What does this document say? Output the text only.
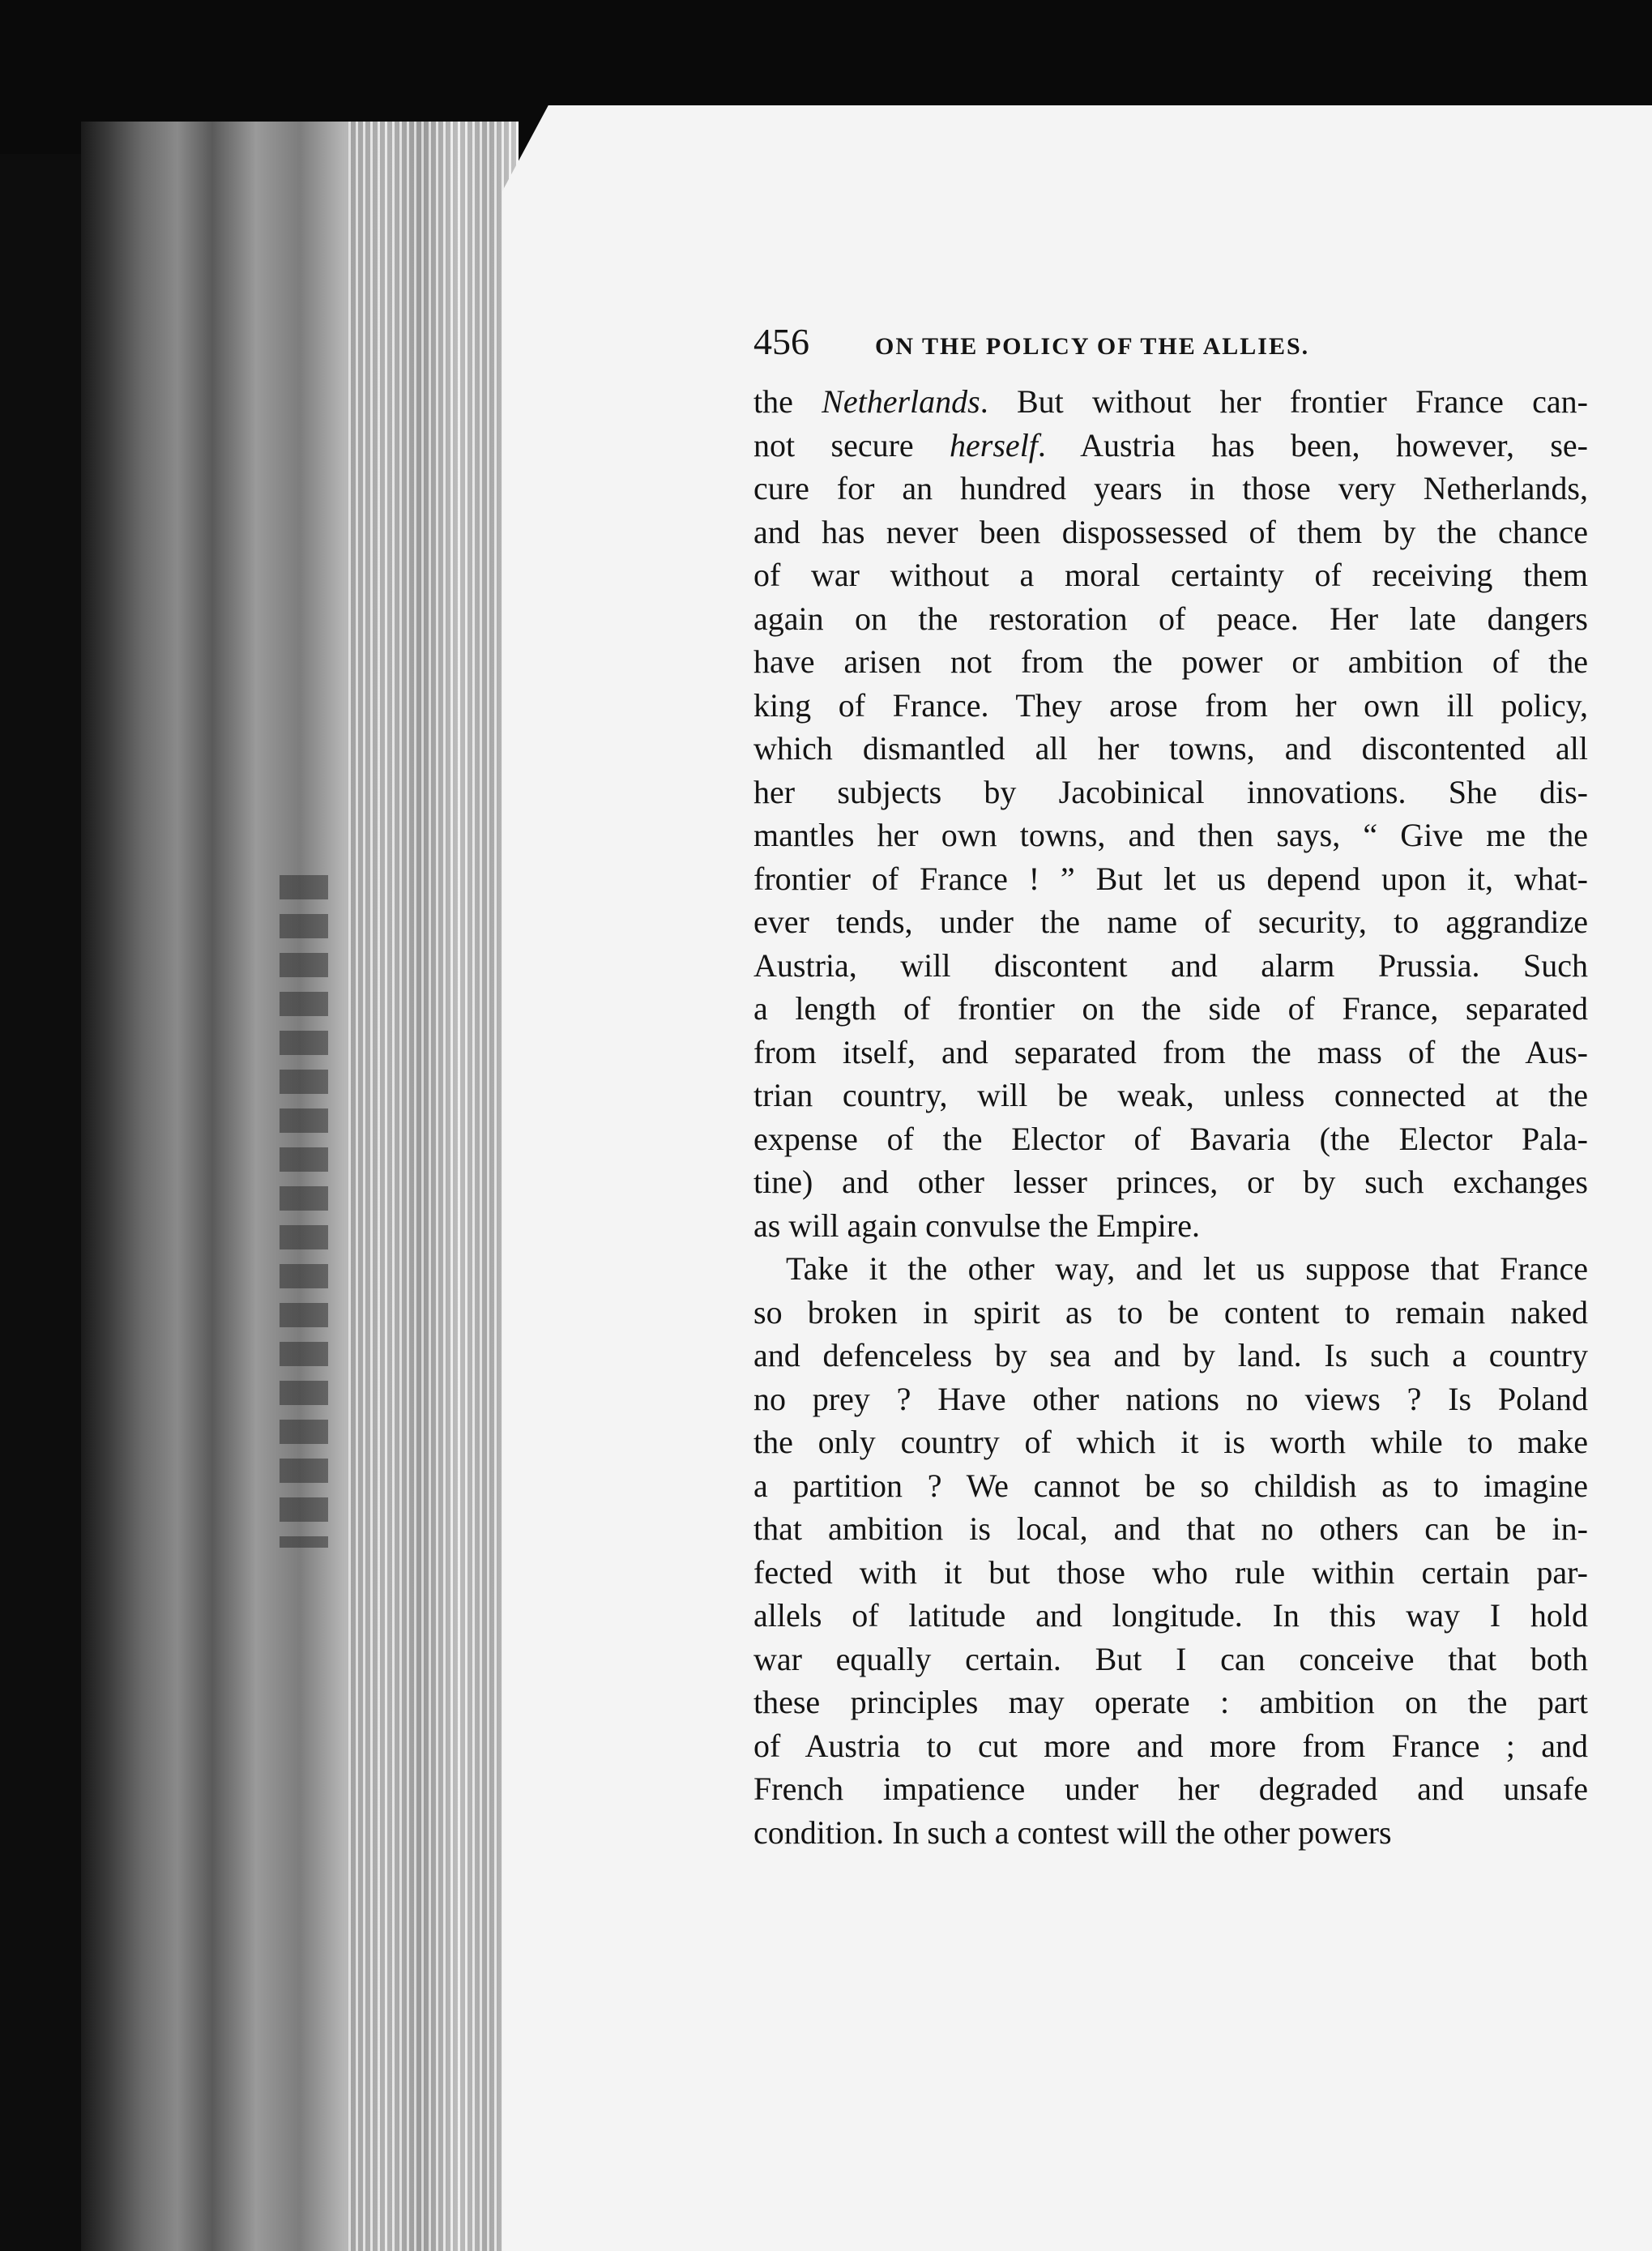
456	ON THE POLICY OF THE ALLIES.
the Netherlands. But without her frontier France can-
not secure herself. Austria has been, however, se-
cure for an hundred years in those very Netherlands,
and has never been dispossessed of them by the chance
of war without a moral certainty of receiving them
again on the restoration of peace. Her late dangers
have arisen not from the power or ambition of the
king of France. They arose from her own ill policy,
which dismantled all her towns, and discontented all
her subjects by Jacobinical innovations. She dis-
mantles her own towns, and then says, “ Give me the
frontier of France ! ” But let us depend upon it, what-
ever tends, under the name of security, to aggrandize
Austria, will discontent and alarm Prussia. Such
a length of frontier on the side of France, separated
from itself, and separated from the mass of the Aus-
trian country, will be weak, unless connected at the
expense of the Elector of Bavaria (the Elector Pala-
tine) and other lesser princes, or by such exchanges
as will again convulse the Empire.
Take it the other way, and let us suppose that France
so broken in spirit as to be content to remain naked
and defenceless by sea and by land. Is such a country
no prey ? Have other nations no views ? Is Poland
the only country of which it is worth while to make
a partition ? We cannot be so childish as to imagine
that ambition is local, and that no others can be in-
fected with it but those who rule within certain par-
allels of latitude and longitude. In this way I hold
war equally certain. But I can conceive that both
these principles may operate : ambition on the part
of Austria to cut more and more from France ; and
French impatience under her degraded and unsafe
condition. In such a contest will the other powers
